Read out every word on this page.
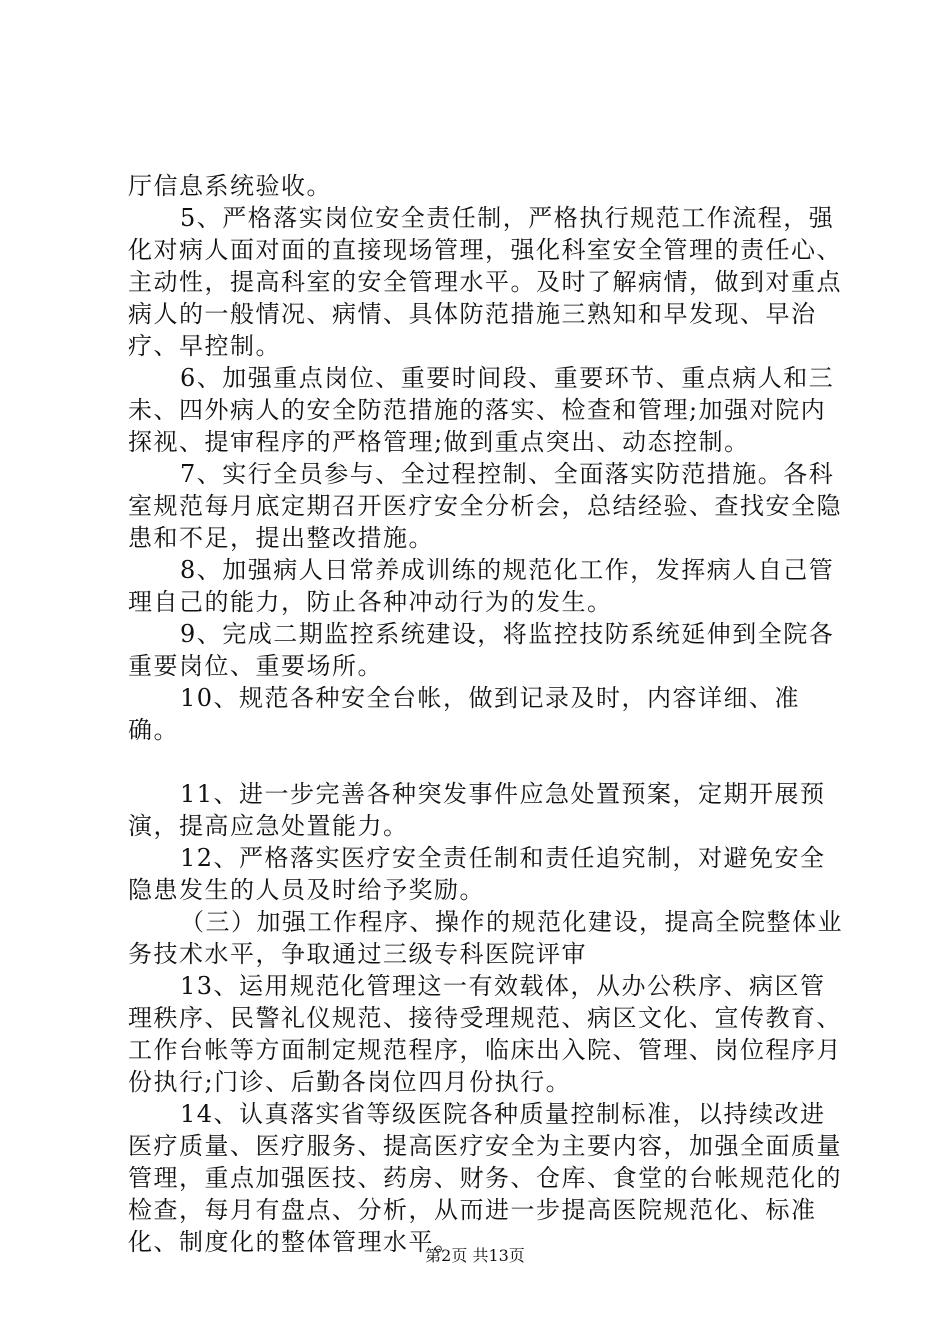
厅信息系统验收。

5、严格落实岗位安全责任制，严格执行规范工作流程，强化对病人面对面的直接现场管理，强化科室安全管理的责任心、主动性，提高科室的安全管理水平。及时了解病情，做到对重点病人的一般情况、病情、具体防范措施三熟知和早发现、早治疗、早控制。

6、加强重点岗位、重要时间段、重要环节、重点病人和三未、四外病人的安全防范措施的落实、检查和管理;加强对院内探视、提审程序的严格管理;做到重点突出、动态控制。

7、实行全员参与、全过程控制、全面落实防范措施。各科室规范每月底定期召开医疗安全分析会，总结经验、查找安全隐患和不足，提出整改措施。

8、加强病人日常养成训练的规范化工作，发挥病人自己管理自己的能力，防止各种冲动行为的发生。

9、完成二期监控系统建设，将监控技防系统延伸到全院各重要岗位、重要场所。

10、规范各种安全台帐，做到记录及时，内容详细、准确。

11、进一步完善各种突发事件应急处置预案，定期开展预演，提高应急处置能力。

12、严格落实医疗安全责任制和责任追究制，对避免安全隐患发生的人员及时给予奖励。

（三）加强工作程序、操作的规范化建设，提高全院整体业务技术水平，争取通过三级专科医院评审

13、运用规范化管理这一有效载体，从办公秩序、病区管理秩序、民警礼仪规范、接待受理规范、病区文化、宣传教育、工作台帐等方面制定规范程序，临床出入院、管理、岗位程序月份执行;门诊、后勤各岗位四月份执行。

14、认真落实省等级医院各种质量控制标准，以持续改进医疗质量、医疗服务、提高医疗安全为主要内容，加强全面质量管理，重点加强医技、药房、财务、仓库、食堂的台帐规范化的检查，每月有盘点、分析，从而进一步提高医院规范化、标准化、制度化的整体管理水平。

第2页 共13页
